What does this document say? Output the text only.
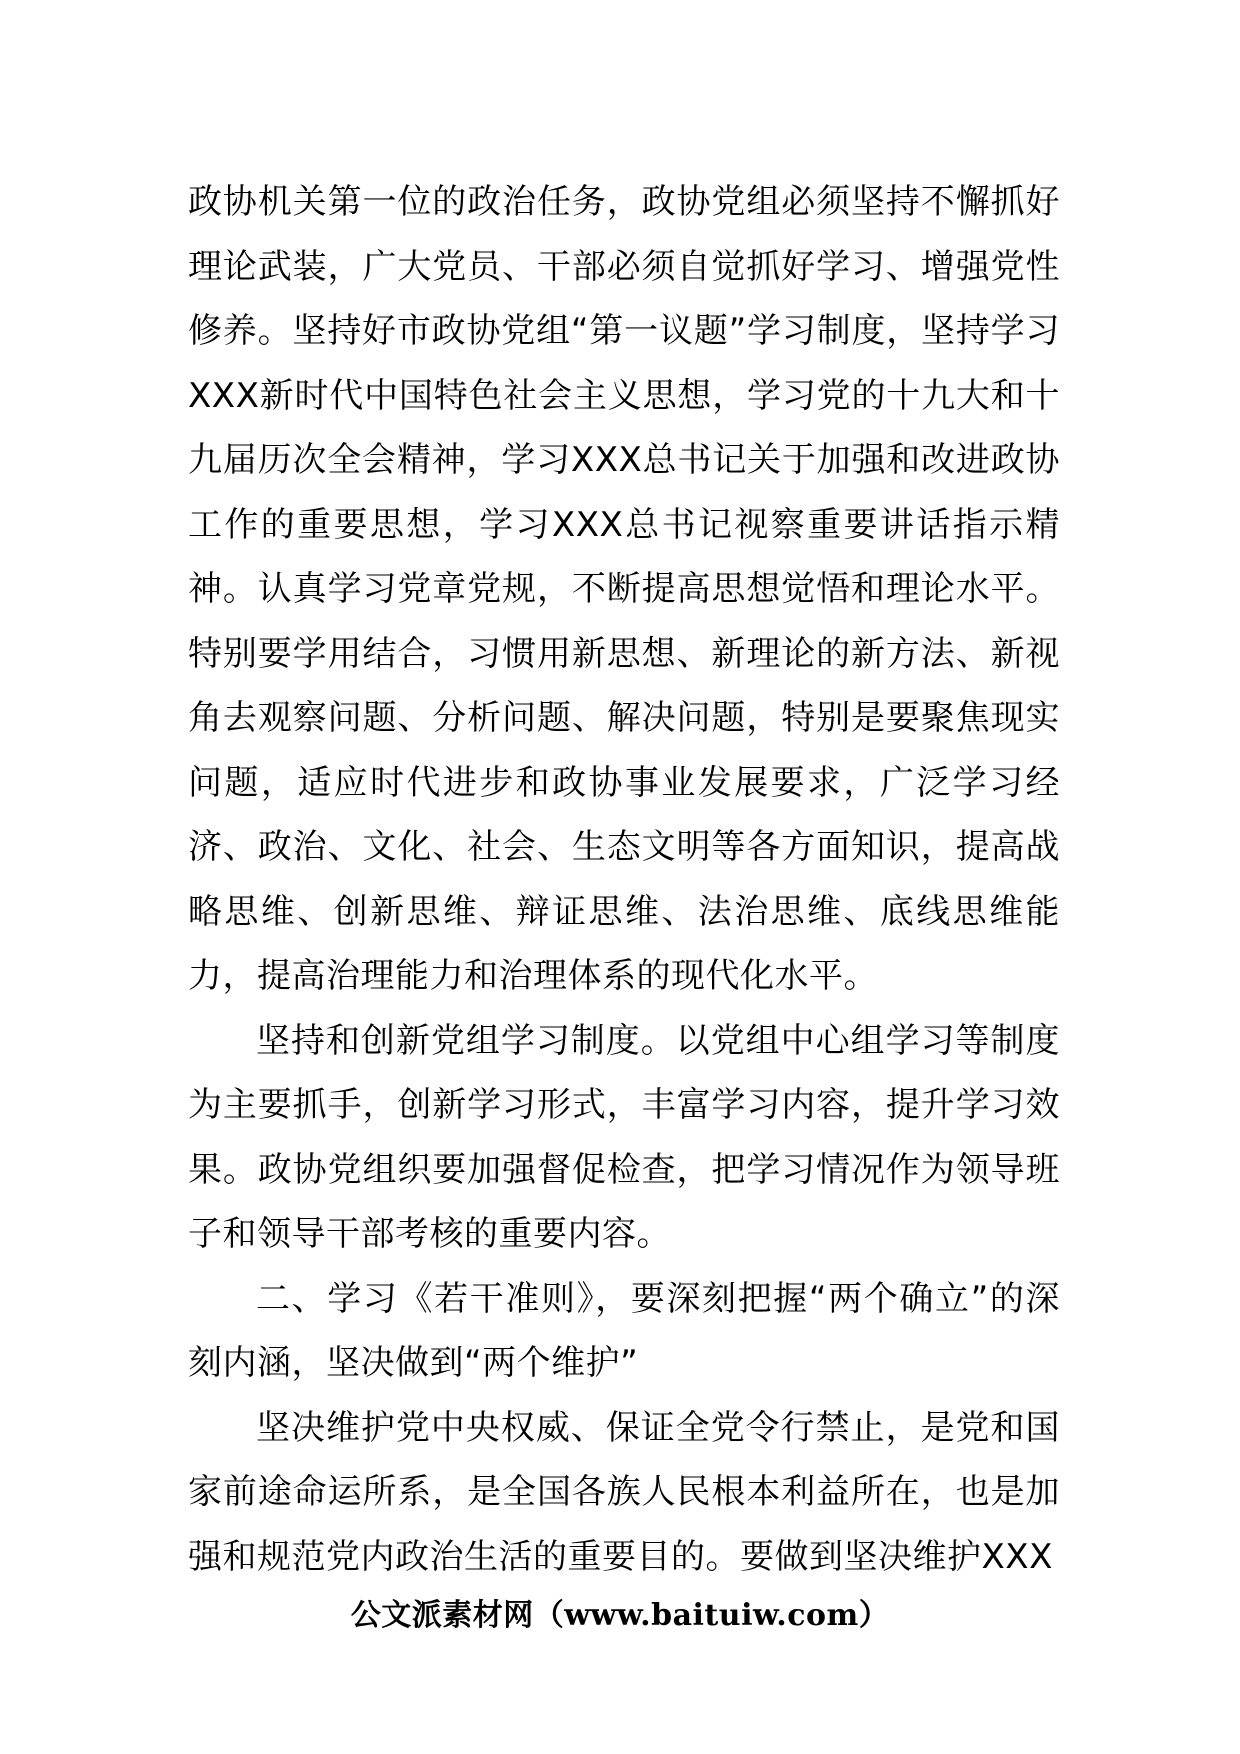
政协机关第一位的政治任务，政协党组必须坚持不懈抓好理论武装，广大党员、干部必须自觉抓好学习、增强党性修养。坚持好市政协党组“第一议题”学习制度，坚持学习XXX新时代中国特色社会主义思想，学习党的十九大和十九届历次全会精神，学习XXX总书记关于加强和改进政协工作的重要思想，学习XXX总书记视察重要讲话指示精神。认真学习党章党规，不断提高思想觉悟和理论水平。特别要学用结合，习惯用新思想、新理论的新方法、新视角去观察问题、分析问题、解决问题，特别是要聚焦现实问题，适应时代进步和政协事业发展要求，广泛学习经济、政治、文化、社会、生态文明等各方面知识，提高战略思维、创新思维、辩证思维、法治思维、底线思维能力，提高治理能力和治理体系的现代化水平。

坚持和创新党组学习制度。以党组中心组学习等制度为主要抓手，创新学习形式，丰富学习内容，提升学习效果。政协党组织要加强督促检查，把学习情况作为领导班子和领导干部考核的重要内容。

二、学习《若干准则》，要深刻把握“两个确立”的深刻内涵，坚决做到“两个维护”

坚决维护党中央权威、保证全党令行禁止，是党和国家前途命运所系，是全国各族人民根本利益所在，也是加强和规范党内政治生活的重要目的。要做到坚决维护XXX

公文派素材网（www.baituiw.com）
